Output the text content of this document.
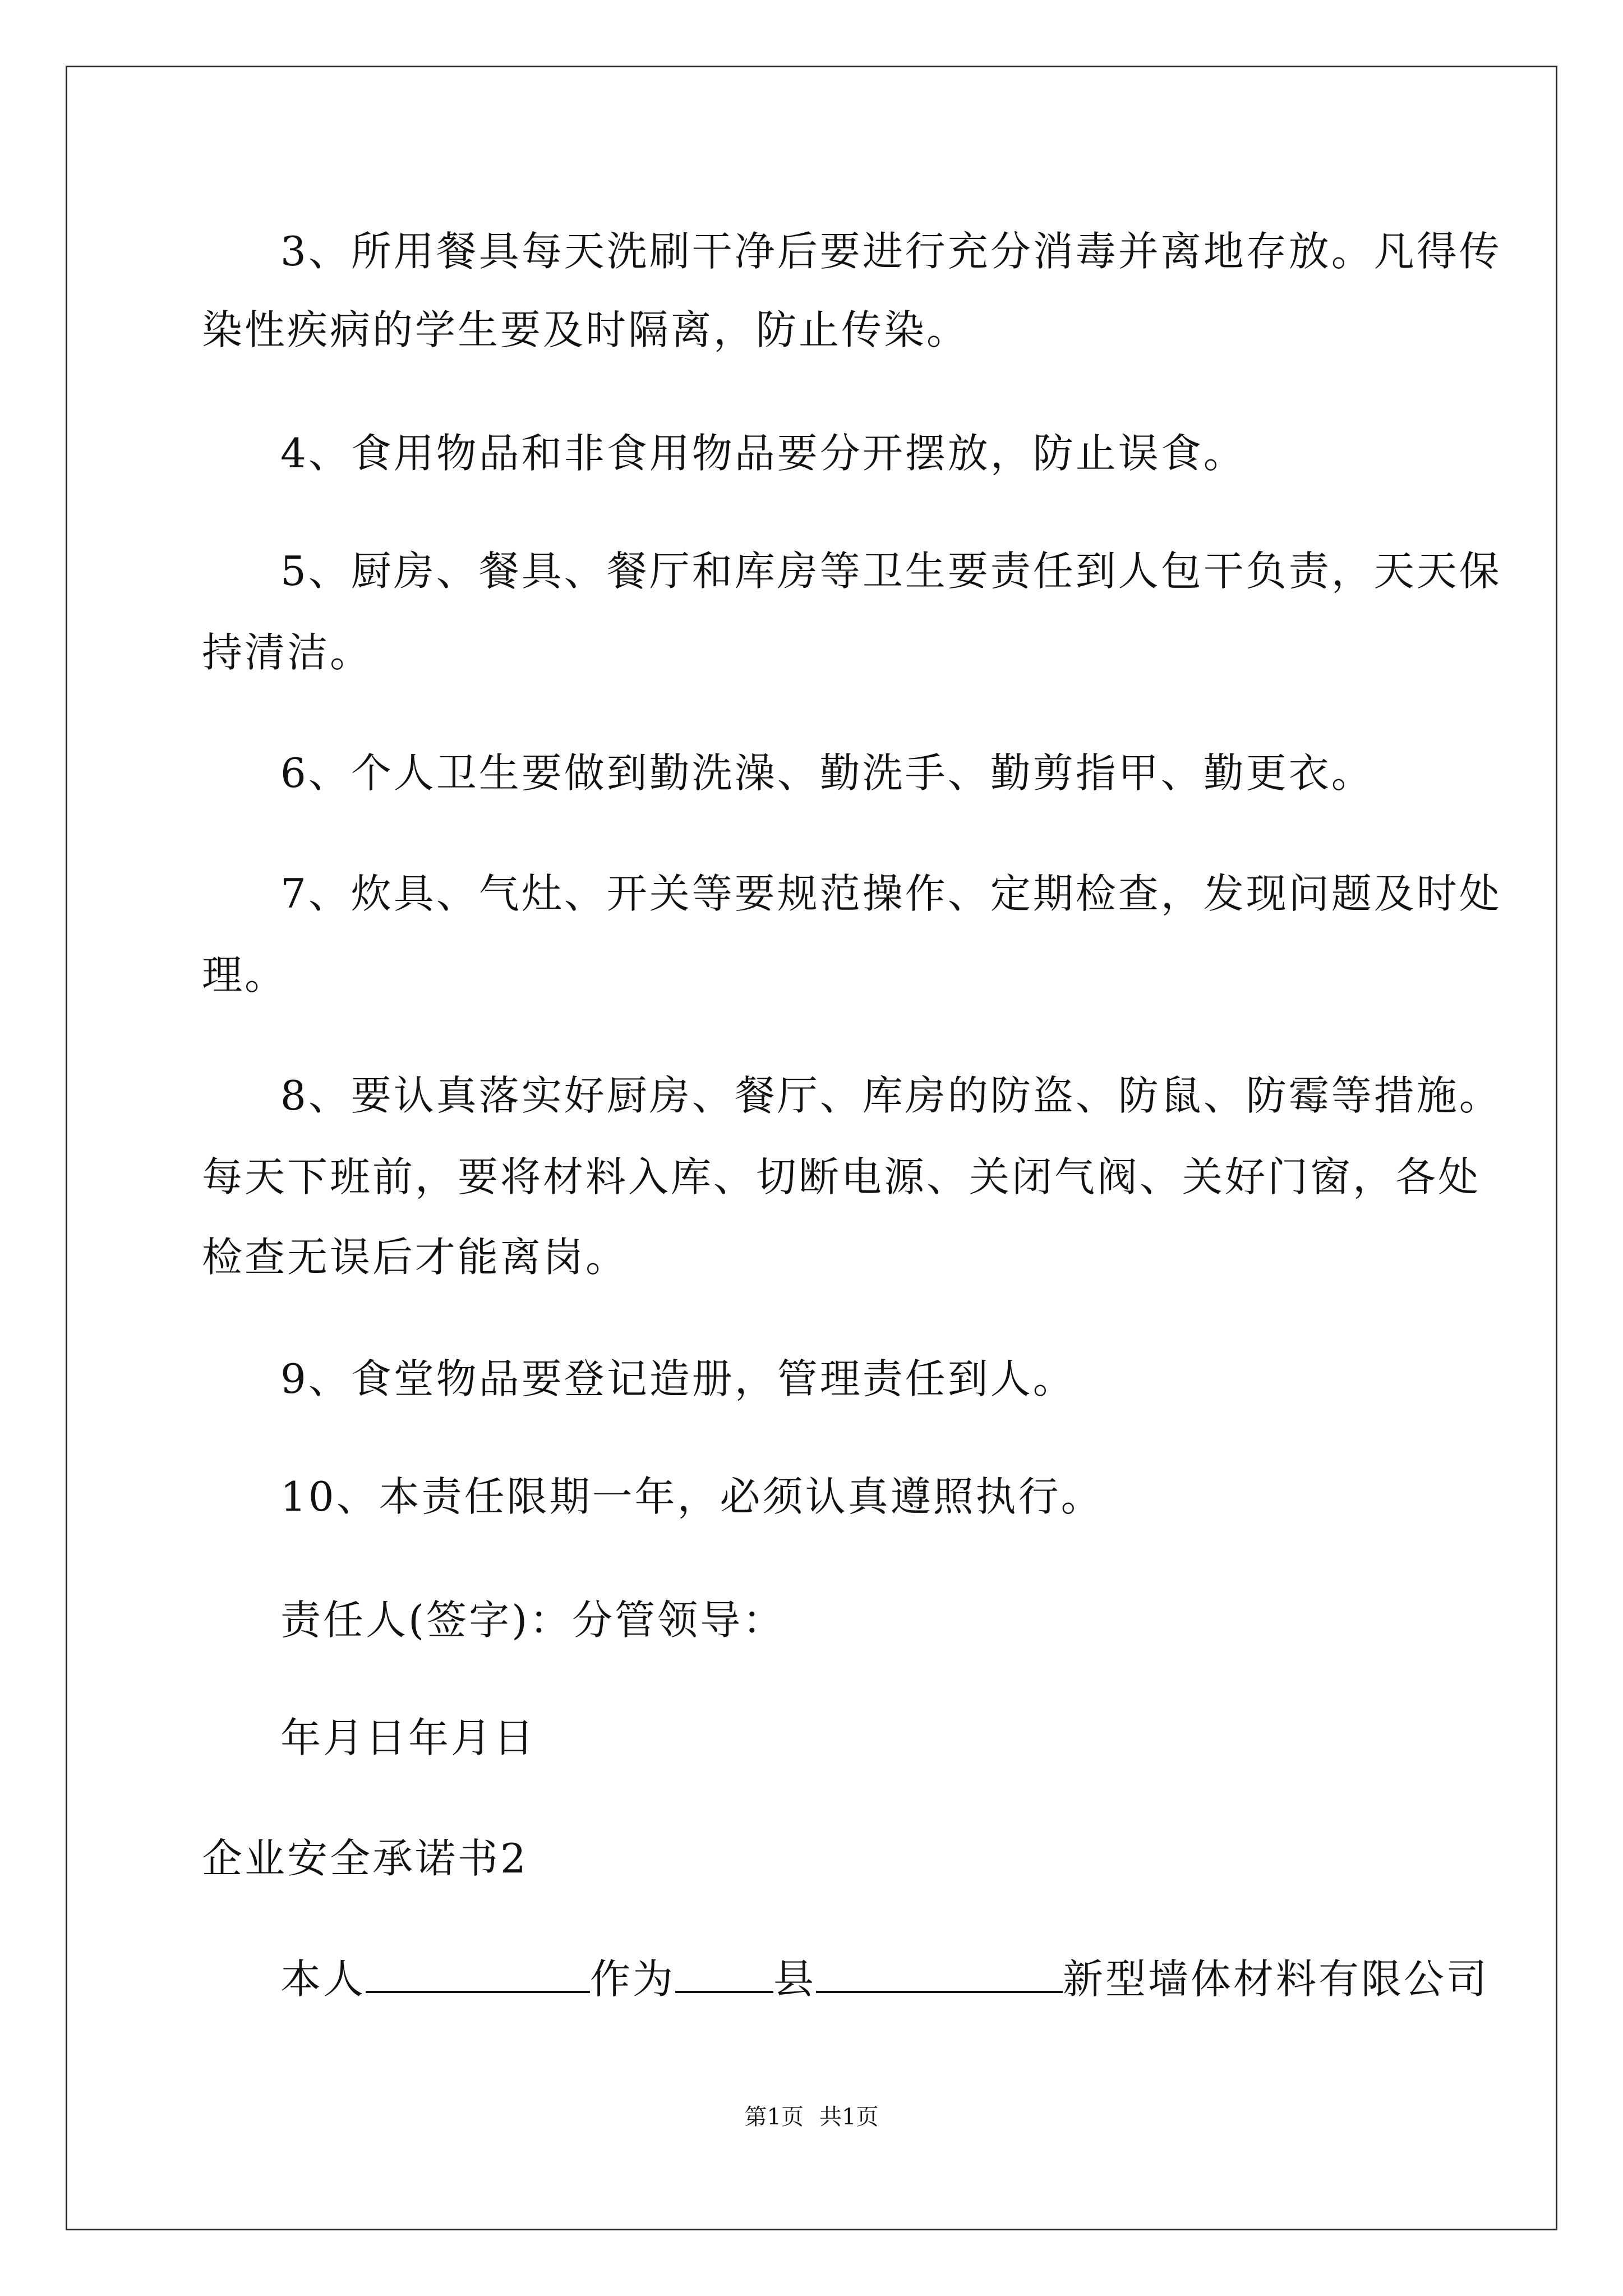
3、所用餐具每天洗刷干净后要进行充分消毒并离地存放。凡得传
染性疾病的学生要及时隔离，防止传染。
4、食用物品和非食用物品要分开摆放，防止误食。
5、厨房、餐具、餐厅和库房等卫生要责任到人包干负责，天天保
持清洁。
6、个人卫生要做到勤洗澡、勤洗手、勤剪指甲、勤更衣。
7、炊具、气灶、开关等要规范操作、定期检查，发现问题及时处
理。
8、要认真落实好厨房、餐厅、库房的防盗、防鼠、防霉等措施。
每天下班前，要将材料入库、切断电源、关闭气阀、关好门窗，各处
检查无误后才能离岗。
9、食堂物品要登记造册，管理责任到人。
10、本责任限期一年，必须认真遵照执行。
责任人(签字)：分管领导：
年月日年月日
企业安全承诺书2
本人	作为 县	新型墙体材料有限公司
第1页 共1页
